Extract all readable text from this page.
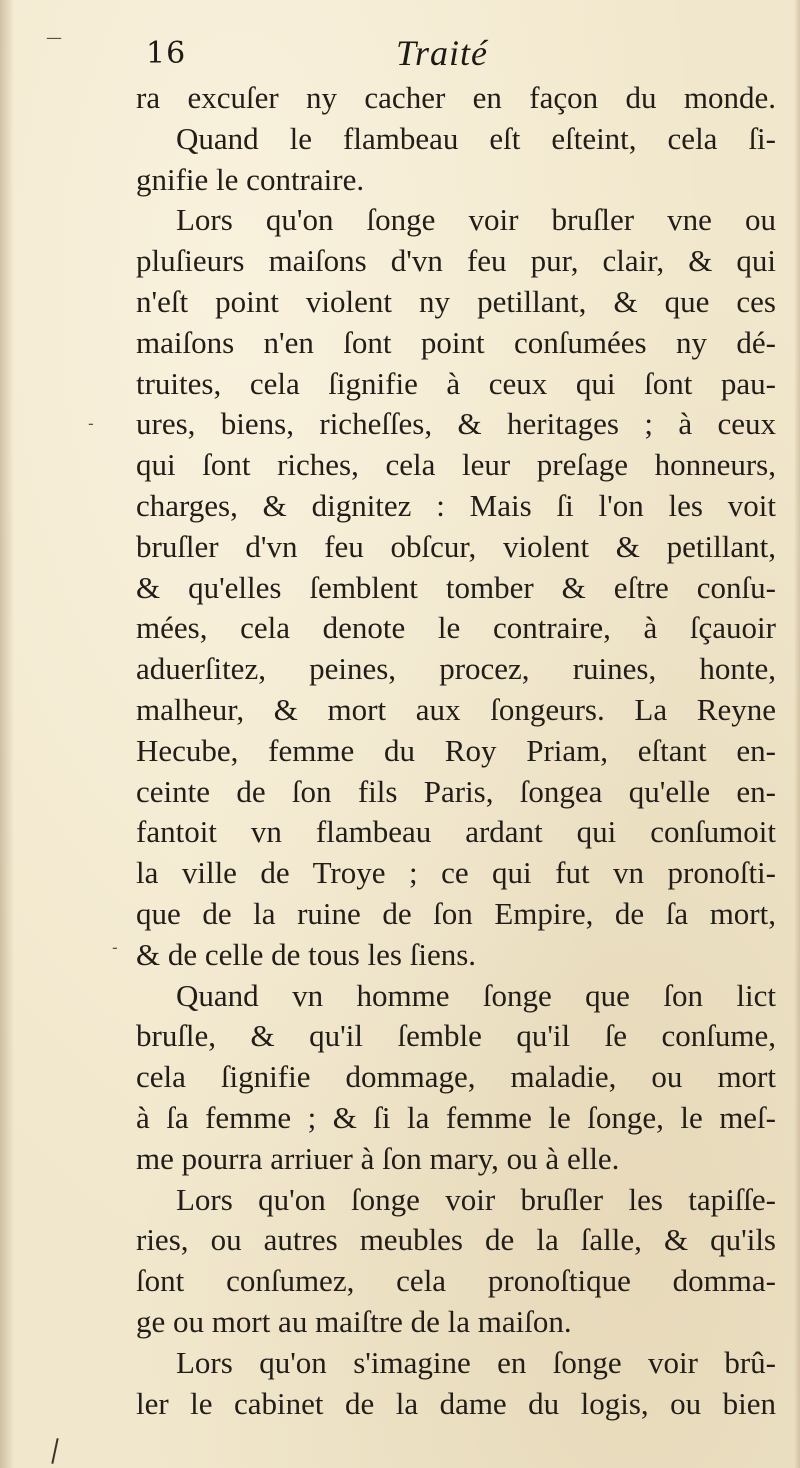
16	Traité
ra excuſer ny cacher en façon du monde.
Quand le flambeau eſt eſteint, cela ſi-
gnifie le contraire.
Lors qu'on ſonge voir bruſler vne ou
pluſieurs maiſons d'vn feu pur, clair, & qui
n'eſt point violent ny petillant, & que ces
maiſons n'en ſont point conſumées ny dé-
truites, cela ſignifie à ceux qui ſont pau-
ures, biens, richeſſes, & heritages ; à ceux
qui ſont riches, cela leur preſage honneurs,
charges, & dignitez : Mais ſi l'on les voit
bruſler d'vn feu obſcur, violent & petillant,
& qu'elles ſemblent tomber & eſtre conſu-
mées, cela denote le contraire, à ſçauoir
aduerſitez, peines, procez, ruines, honte,
malheur, & mort aux ſongeurs. La Reyne
Hecube, femme du Roy Priam, eſtant en-
ceinte de ſon fils Paris, ſongea qu'elle en-
fantoit vn flambeau ardant qui conſumoit
la ville de Troye ; ce qui fut vn pronoſti-
que de la ruine de ſon Empire, de ſa mort,
& de celle de tous les ſiens.
Quand vn homme ſonge que ſon lict
bruſle, & qu'il ſemble qu'il ſe conſume,
cela ſignifie dommage, maladie, ou mort
à ſa femme ; & ſi la femme le ſonge, le meſ-
me pourra arriuer à ſon mary, ou à elle.
Lors qu'on ſonge voir bruſler les tapiſſe-
ries, ou autres meubles de la ſalle, & qu'ils
ſont conſumez, cela pronoſtique domma-
ge ou mort au maiſtre de la maiſon.
Lors qu'on s'imagine en ſonge voir brû-
ler le cabinet de la dame du logis, ou bien
—
-
-
